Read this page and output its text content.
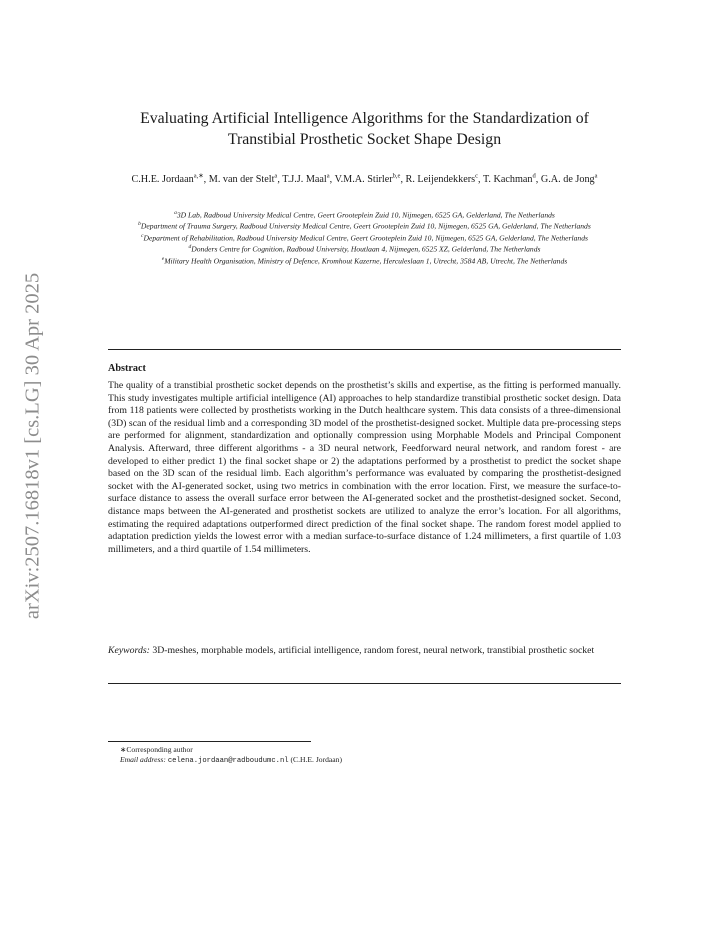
arXiv:2507.16818v1 [cs.LG] 30 Apr 2025
Evaluating Artificial Intelligence Algorithms for the Standardization of
Transtibial Prosthetic Socket Shape Design
C.H.E. Jordaan$^{a,∗}$, M. van der Stelt$^a$, T.J.J. Maal$^a$, V.M.A. Stirler$^{b,e}$, R. Leijendekkers$^c$, T. Kachman$^d$, G.A. de Jong$^a$
$^a$3D Lab, Radboud University Medical Centre, Geert Grooteplein Zuid 10, Nijmegen, 6525 GA, Gelderland, The Netherlands
$^b$Department of Trauma Surgery, Radboud University Medical Centre, Geert Grooteplein Zuid 10, Nijmegen, 6525 GA, Gelderland, The Netherlands
$^c$Department of Rehabilitation, Radboud University Medical Centre, Geert Grooteplein Zuid 10, Nijmegen, 6525 GA, Gelderland, The Netherlands
$^d$Donders Centre for Cognition, Radboud University, Houtlaan 4, Nijmegen, 6525 XZ, Gelderland, The Netherlands
$^e$Military Health Organisation, Ministry of Defence, Kromhout Kazerne, Herculeslaan 1, Utrecht, 3584 AB, Utrecht, The Netherlands
Abstract
The quality of a transtibial prosthetic socket depends on the prosthetist’s skills and expertise, as the fitting is performed manually. This study investigates multiple artificial intelligence (AI) approaches to help standardize transtibial prosthetic socket design. Data from 118 patients were collected by prosthetists working in the Dutch healthcare system. This data consists of a three-dimensional (3D) scan of the residual limb and a corresponding 3D model of the prosthetist-designed socket. Multiple data pre-processing steps are performed for alignment, standardization and optionally compression using Morphable Models and Principal Component Analysis. Afterward, three different algorithms - a 3D neural network, Feedforward neural network, and random forest - are developed to either predict 1) the final socket shape or 2) the adaptations performed by a prosthetist to predict the socket shape based on the 3D scan of the residual limb. Each algorithm’s performance was evaluated by comparing the prosthetist-designed socket with the AI-generated socket, using two metrics in combination with the error location. First, we measure the surface-to-surface distance to assess the overall surface error between the AI-generated socket and the prosthetist-designed socket. Second, distance maps between the AI-generated and prosthetist sockets are utilized to analyze the error’s location. For all algorithms, estimating the required adaptations outperformed direct prediction of the final socket shape. The random forest model applied to adaptation prediction yields the lowest error with a median surface-to-surface distance of 1.24 millimeters, a first quartile of 1.03 millimeters, and a third quartile of 1.54 millimeters.
Keywords: 3D-meshes, morphable models, artificial intelligence, random forest, neural network, transtibial prosthetic socket
∗Corresponding author
Email address: celena.jordaan@radboudumc.nl (C.H.E. Jordaan)
